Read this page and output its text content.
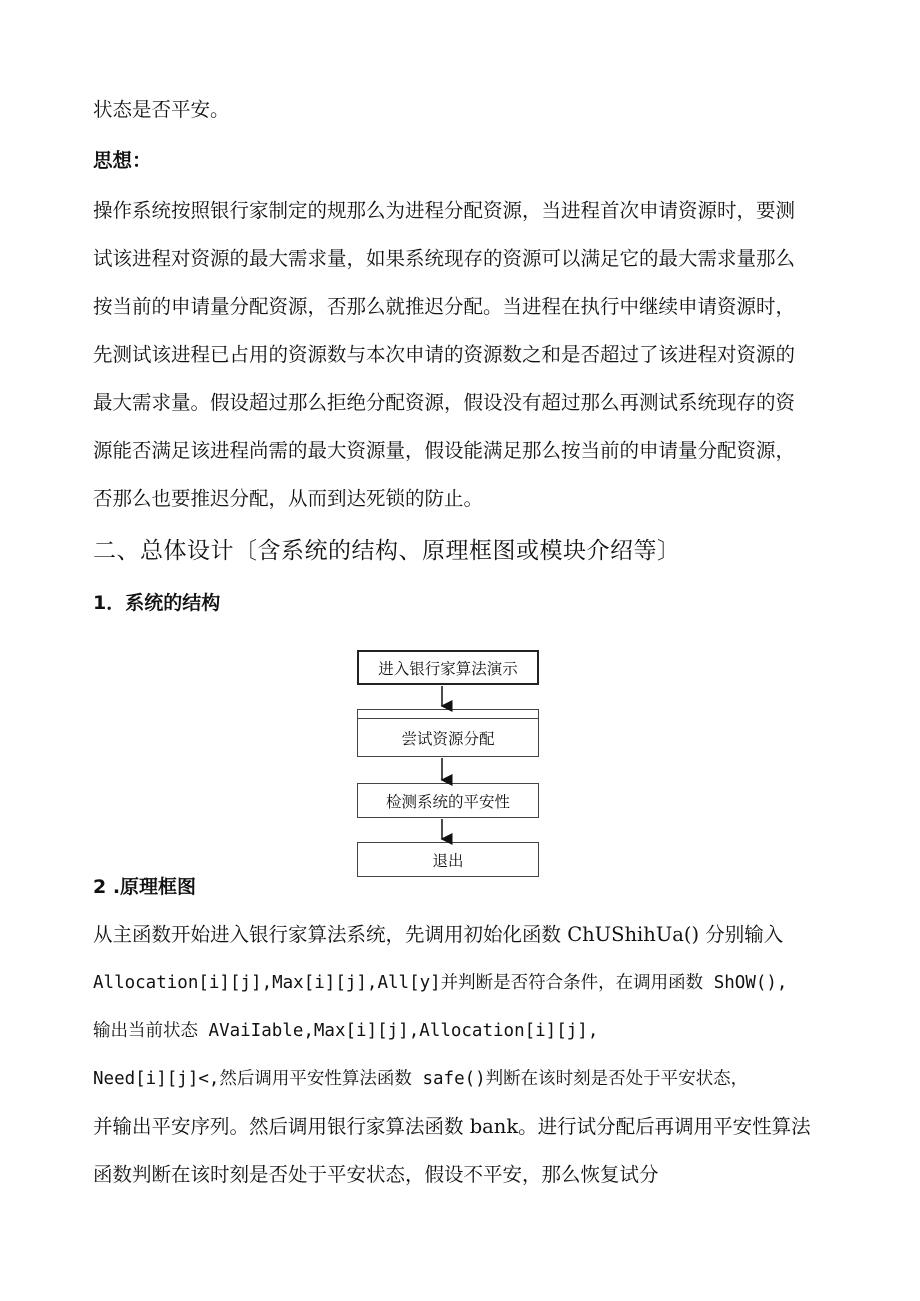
状态是否平安。
思想：
操作系统按照银行家制定的规那么为进程分配资源，当进程首次申请资源时，要测
试该进程对资源的最大需求量，如果系统现存的资源可以满足它的最大需求量那么
按当前的申请量分配资源，否那么就推迟分配。当进程在执行中继续申请资源时，
先测试该进程已占用的资源数与本次申请的资源数之和是否超过了该进程对资源的
最大需求量。假设超过那么拒绝分配资源，假设没有超过那么再测试系统现存的资
源能否满足该进程尚需的最大资源量，假设能满足那么按当前的申请量分配资源，
否那么也要推迟分配，从而到达死锁的防止。
二、总体设计〔含系统的结构、原理框图或模块介绍等〕
1．系统的结构
进入银行家算法演示
尝试资源分配
检测系统的平安性
退出
2 .原理框图
从主函数开始进入银行家算法系统，先调用初始化函数 ChUShihUa() 分别输入
Allocation[i][j],Max[i][j],All[y]并判断是否符合条件，在调用函数 ShOW(),
输出当前状态 AVaiIable,Max[i][j],Allocation[i][j],
Need[i][j]<,然后调用平安性算法函数 safe()判断在该时刻是否处于平安状态，
并输出平安序列。然后调用银行家算法函数 bank。进行试分配后再调用平安性算法
函数判断在该时刻是否处于平安状态，假设不平安，那么恢复试分
